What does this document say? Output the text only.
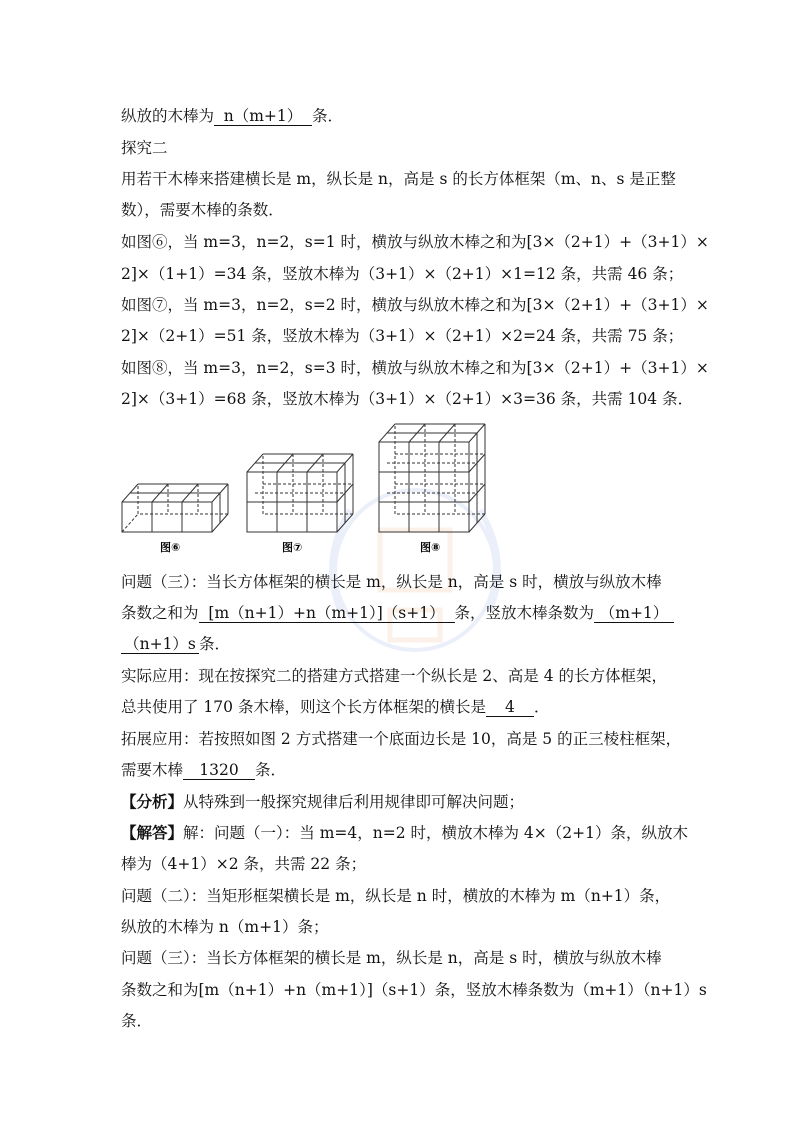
纵放的木棒为 n（m+1） 条．
探究二
用若干木棒来搭建横长是 m，纵长是 n，高是 s 的长方体框架（m、n、s 是正整
数），需要木棒的条数．
如图⑥，当 m=3，n=2，s=1 时，横放与纵放木棒之和为[3×（2+1）+（3+1）×
2]×（1+1）=34 条，竖放木棒为（3+1）×（2+1）×1=12 条，共需 46 条；
如图⑦，当 m=3，n=2，s=2 时，横放与纵放木棒之和为[3×（2+1）+（3+1）×
2]×（2+1）=51 条，竖放木棒为（3+1）×（2+1）×2=24 条，共需 75 条；
如图⑧，当 m=3，n=2，s=3 时，横放与纵放木棒之和为[3×（2+1）+（3+1）×
2]×（3+1）=68 条，竖放木棒为（3+1）×（2+1）×3=36 条，共需 104 条．
图⑥	图⑦	图⑧
问题（三）：当长方体框架的横长是 m，纵长是 n，高是 s 时，横放与纵放木棒
条数之和为 [m（n+1）+n（m+1）]（s+1） 条，竖放木棒条数为 （m+1）
（n+1）s 条．
实际应用：现在按探究二的搭建方式搭建一个纵长是 2、高是 4 的长方体框架，
总共使用了 170 条木棒，则这个长方体框架的横长是 4 ．
拓展应用：若按照如图 2 方式搭建一个底面边长是 10，高是 5 的正三棱柱框架，
需要木棒 1320 条．
【分析】从特殊到一般探究规律后利用规律即可解决问题；
【解答】解：问题（一）：当 m=4，n=2 时，横放木棒为 4×（2+1）条，纵放木
棒为（4+1）×2 条，共需 22 条；
问题（二）：当矩形框架横长是 m，纵长是 n 时，横放的木棒为 m（n+1）条，
纵放的木棒为 n（m+1）条；
问题（三）：当长方体框架的横长是 m，纵长是 n，高是 s 时，横放与纵放木棒
条数之和为[m（n+1）+n（m+1）]（s+1）条，竖放木棒条数为（m+1）（n+1）s
条．
